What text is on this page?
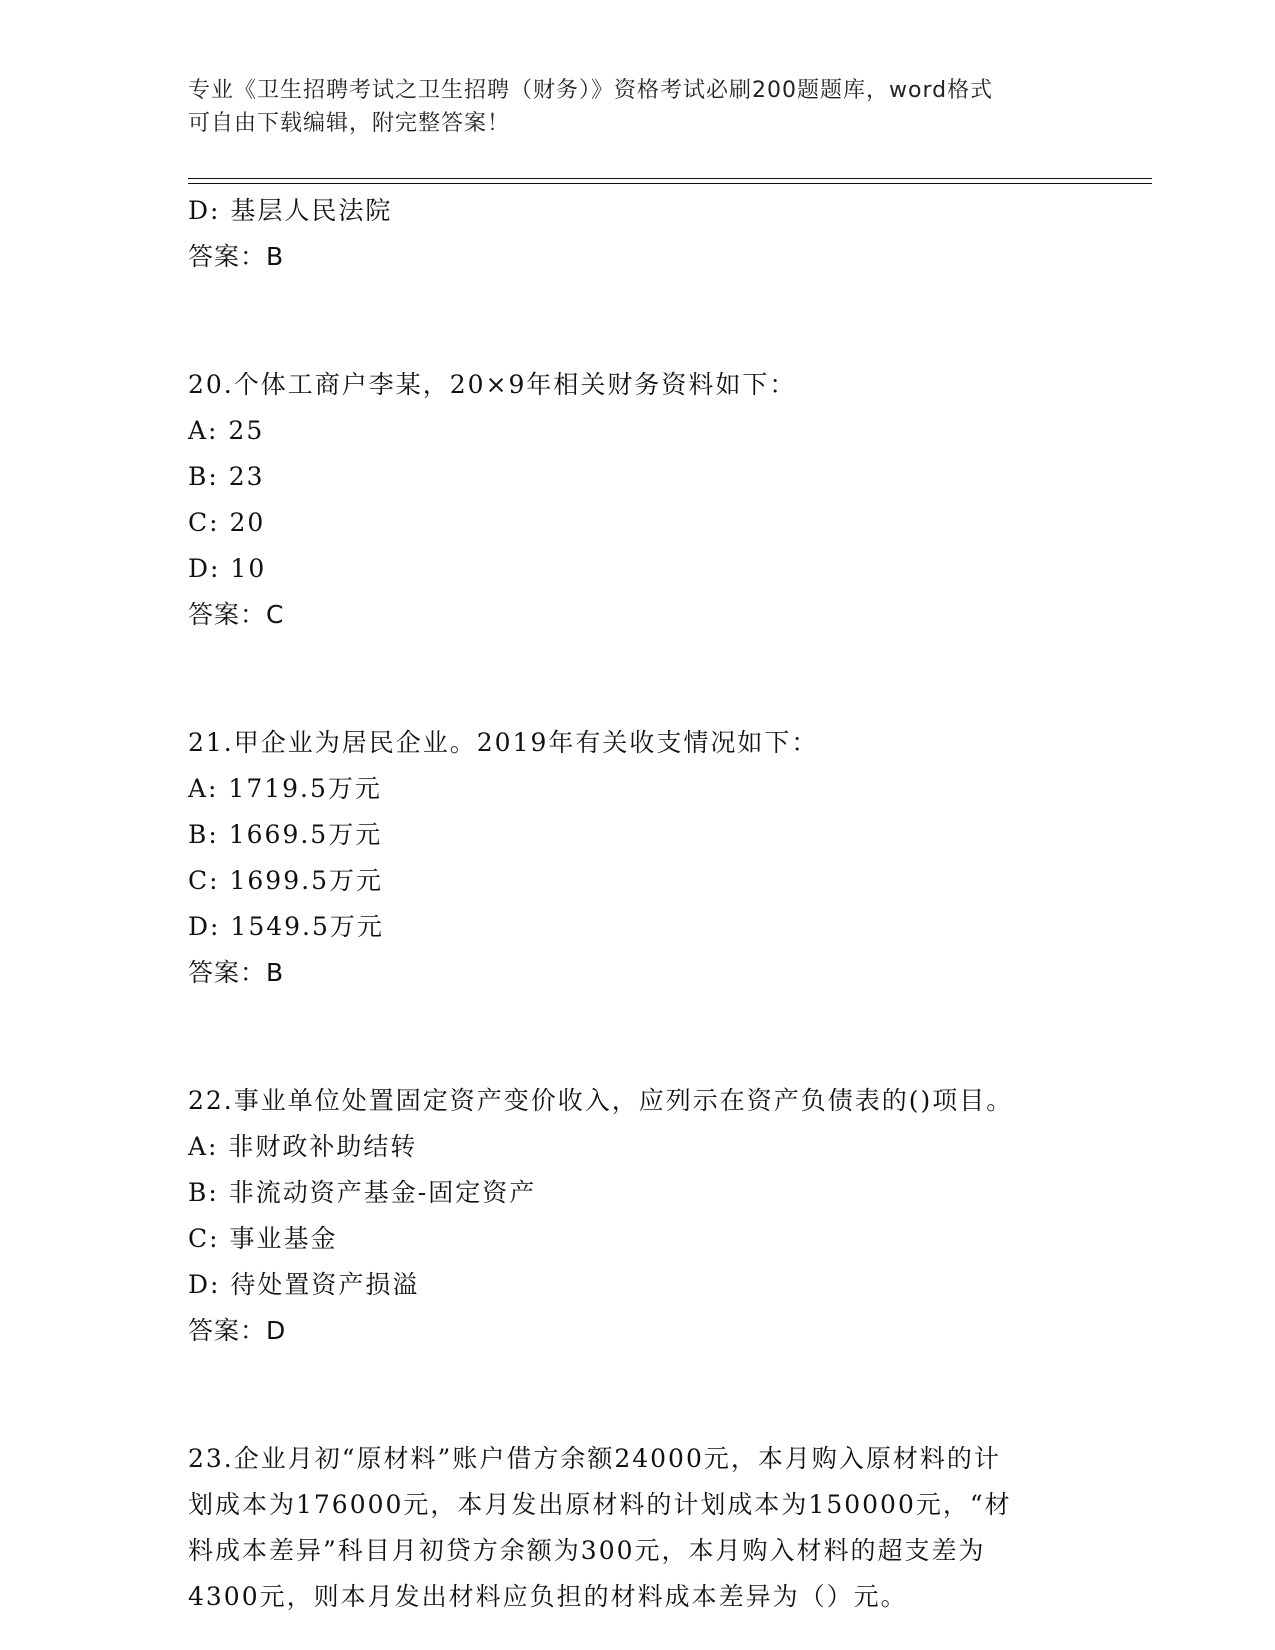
专业《卫生招聘考试之卫生招聘（财务）》资格考试必刷200题题库，word格式
可自由下载编辑，附完整答案！
D: 基层人民法院
答案：B
20.个体工商户李某，20×9年相关财务资料如下：
A: 25
B: 23
C: 20
D: 10
答案：C
21.甲企业为居民企业。2019年有关收支情况如下：
A: 1719.5万元
B: 1669.5万元
C: 1699.5万元
D: 1549.5万元
答案：B
22.事业单位处置固定资产变价收入，应列示在资产负债表的()项目。
A: 非财政补助结转
B: 非流动资产基金-固定资产
C: 事业基金
D: 待处置资产损溢
答案：D
23.企业月初“原材料”账户借方余额24000元，本月购入原材料的计
划成本为176000元，本月发出原材料的计划成本为150000元，“材
料成本差异”科目月初贷方余额为300元，本月购入材料的超支差为
4300元，则本月发出材料应负担的材料成本差异为（）元。
